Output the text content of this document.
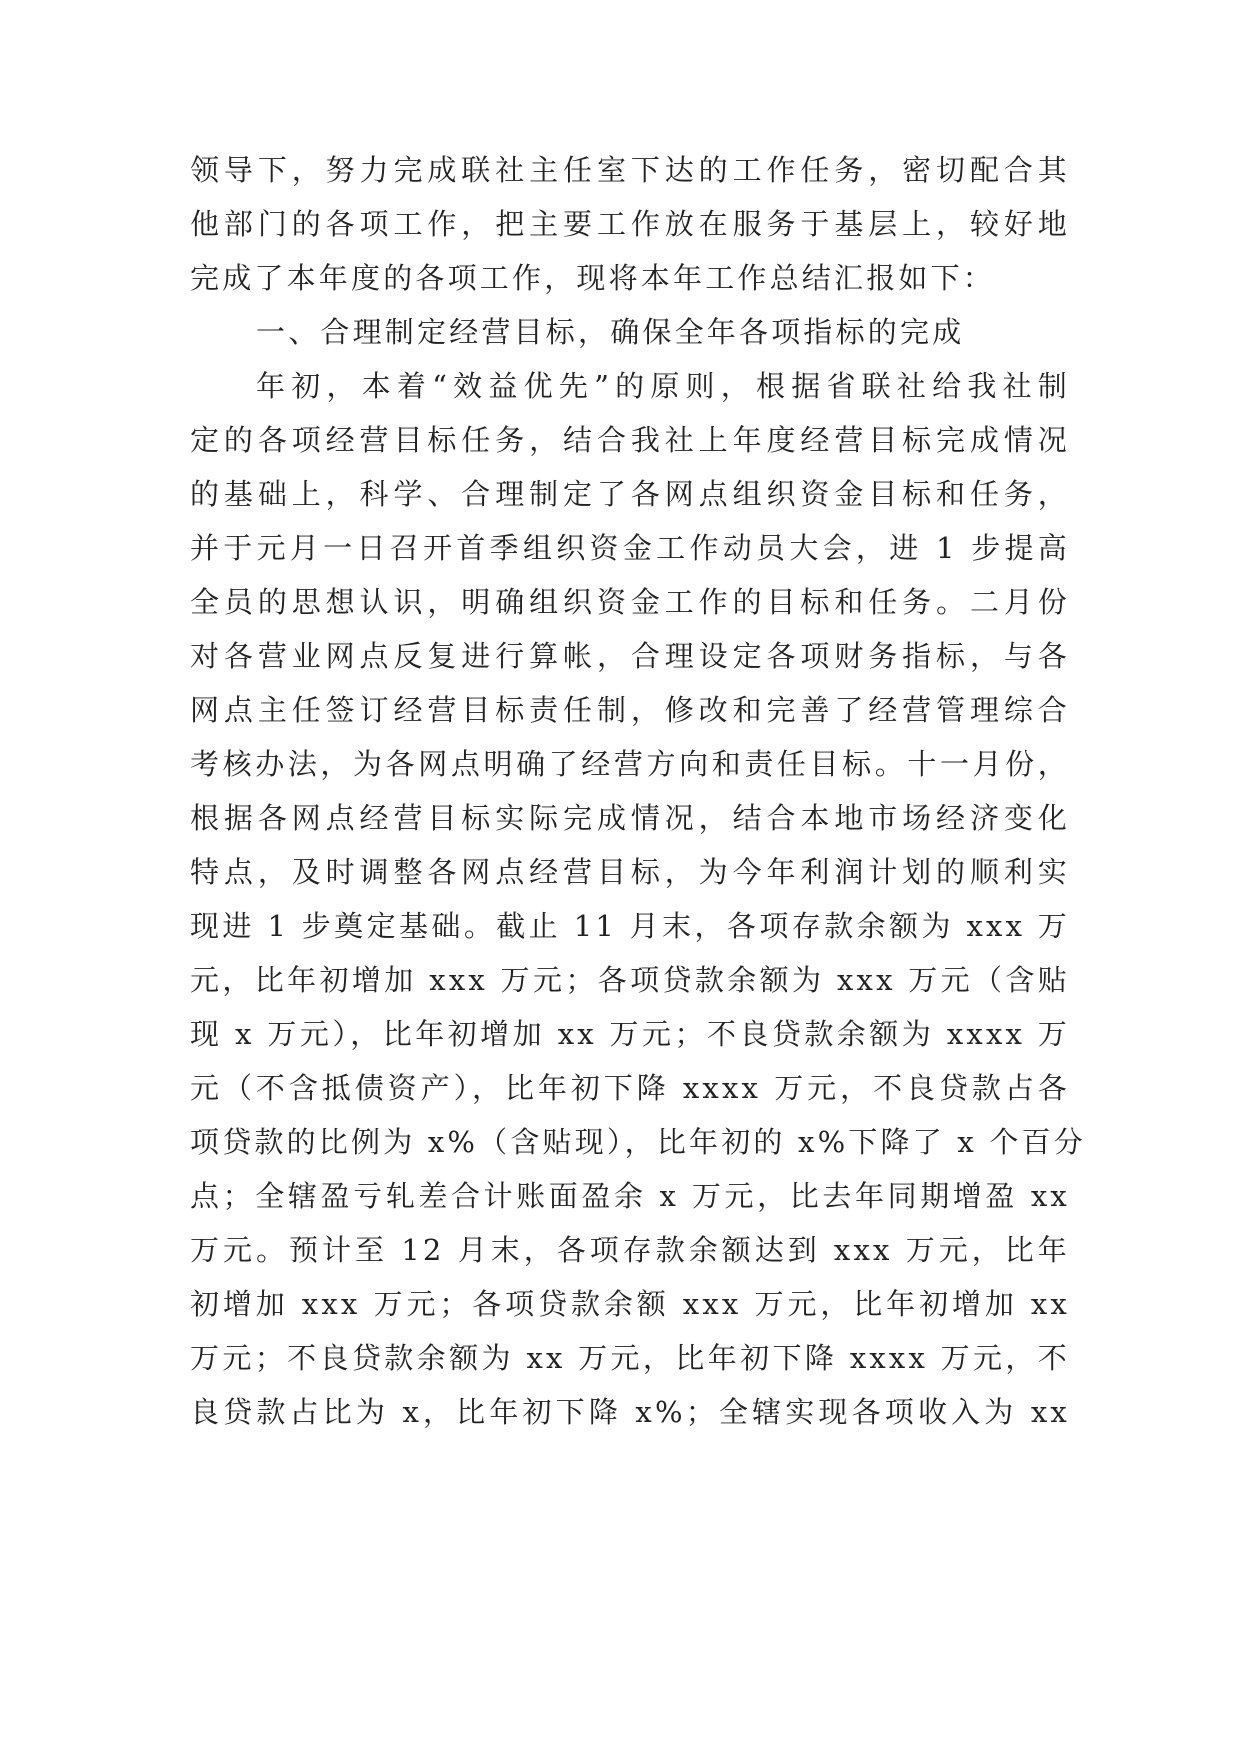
领导下，努力完成联社主任室下达的工作任务，密切配合其
他部门的各项工作，把主要工作放在服务于基层上，较好地
完成了本年度的各项工作，现将本年工作总结汇报如下：
一、合理制定经营目标，确保全年各项指标的完成
年初，本着“效益优先”的原则，根据省联社给我社制
定的各项经营目标任务，结合我社上年度经营目标完成情况
的基础上，科学、合理制定了各网点组织资金目标和任务，
并于元月一日召开首季组织资金工作动员大会，进 1 步提高
全员的思想认识，明确组织资金工作的目标和任务。二月份
对各营业网点反复进行算帐，合理设定各项财务指标，与各
网点主任签订经营目标责任制，修改和完善了经营管理综合
考核办法，为各网点明确了经营方向和责任目标。十一月份，
根据各网点经营目标实际完成情况，结合本地市场经济变化
特点，及时调整各网点经营目标，为今年利润计划的顺利实
现进 1 步奠定基础。截止 11 月末，各项存款余额为 xxx 万
元，比年初增加 xxx 万元；各项贷款余额为 xxx 万元（含贴
现 x 万元），比年初增加 xx 万元；不良贷款余额为 xxxx 万
元（不含抵债资产），比年初下降 xxxx 万元，不良贷款占各
项贷款的比例为 x%（含贴现），比年初的 x%下降了 x 个百分
点；全辖盈亏轧差合计账面盈余 x 万元，比去年同期增盈 xx
万元。预计至 12 月末，各项存款余额达到 xxx 万元，比年
初增加 xxx 万元；各项贷款余额 xxx 万元，比年初增加 xx
万元；不良贷款余额为 xx 万元，比年初下降 xxxx 万元，不
良贷款占比为 x，比年初下降 x%；全辖实现各项收入为 xx
